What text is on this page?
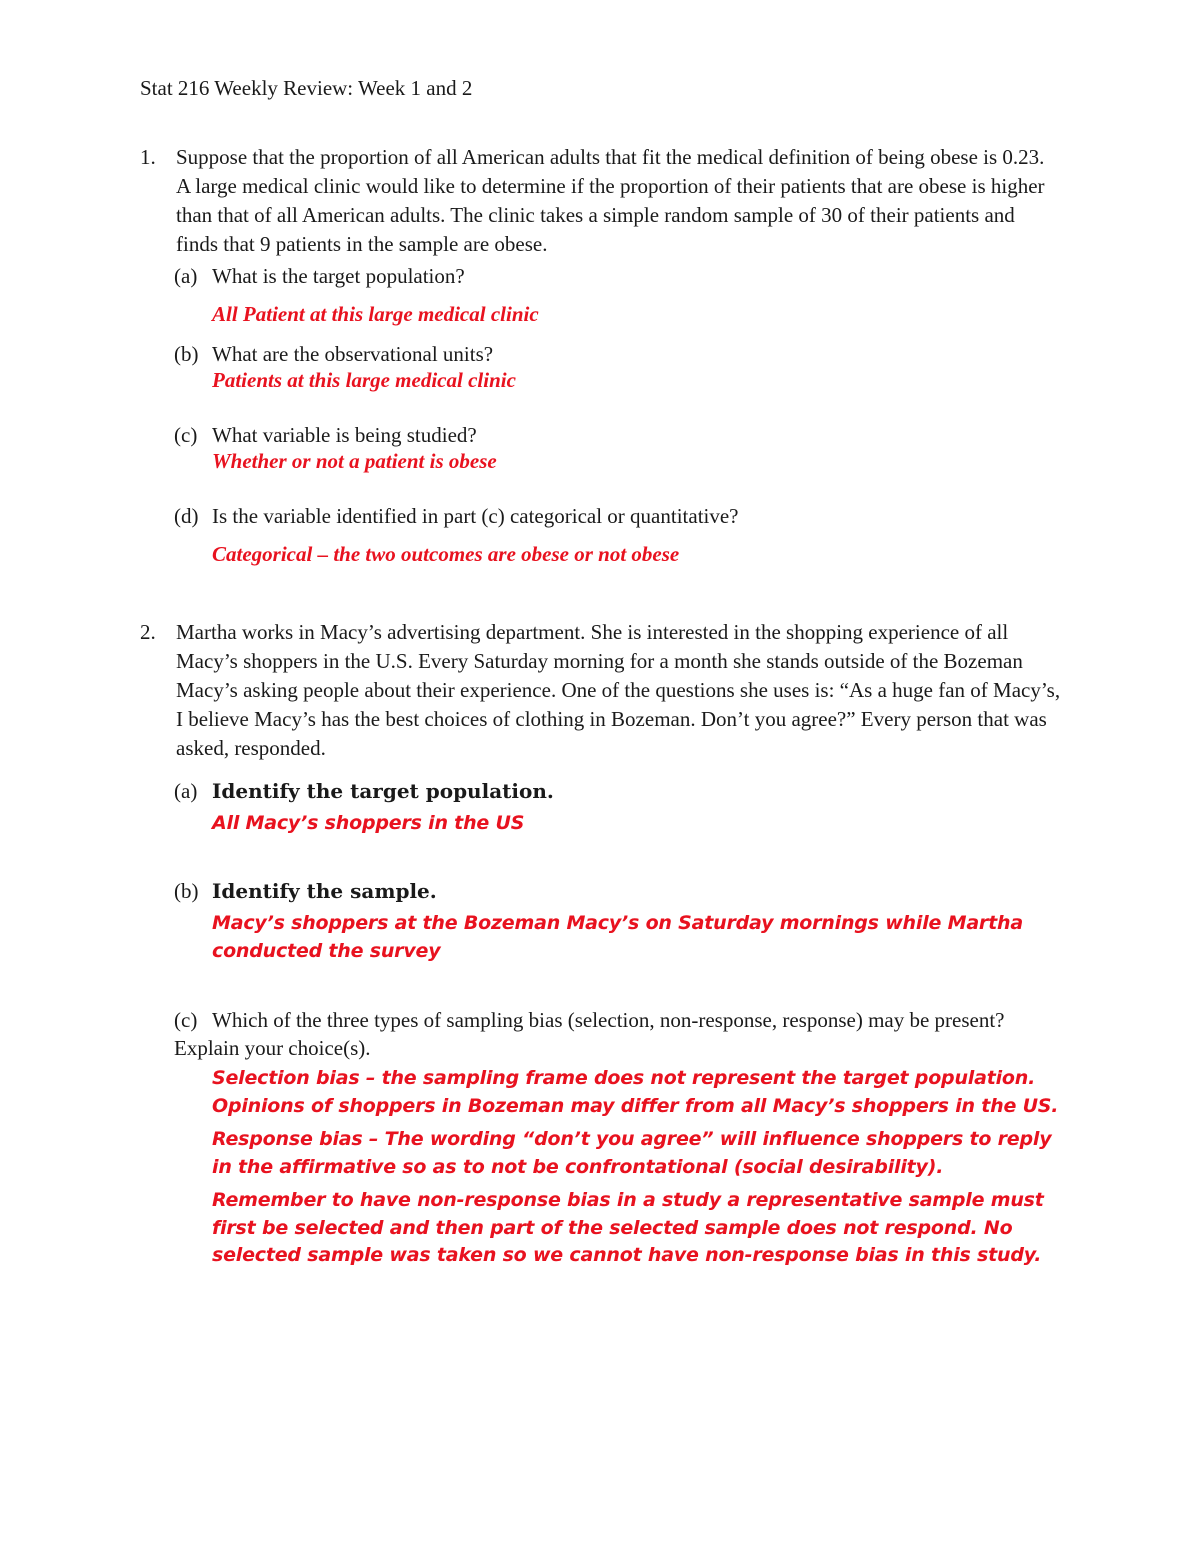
Stat 216 Weekly Review: Week 1 and 2
1. Suppose that the proportion of all American adults that fit the medical definition of being obese is 0.23. A large medical clinic would like to determine if the proportion of their patients that are obese is higher than that of all American adults. The clinic takes a simple random sample of 30 of their patients and finds that 9 patients in the sample are obese.
(a) What is the target population?
All Patient at this large medical clinic
(b) What are the observational units?
Patients at this large medical clinic
(c) What variable is being studied?
Whether or not a patient is obese
(d) Is the variable identified in part (c) categorical or quantitative?
Categorical – the two outcomes are obese or not obese
2. Martha works in Macy’s advertising department. She is interested in the shopping experience of all Macy’s shoppers in the U.S. Every Saturday morning for a month she stands outside of the Bozeman Macy’s asking people about their experience. One of the questions she uses is: “As a huge fan of Macy’s, I believe Macy’s has the best choices of clothing in Bozeman. Don’t you agree?” Every person that was asked, responded.
(a) Identify the target population.
All Macy’s shoppers in the US
(b) Identify the sample.
Macy’s shoppers at the Bozeman Macy’s on Saturday mornings while Martha conducted the survey
(c) Which of the three types of sampling bias (selection, non-response, response) may be present? Explain your choice(s).
Selection bias – the sampling frame does not represent the target population. Opinions of shoppers in Bozeman may differ from all Macy’s shoppers in the US.
Response bias – The wording “don’t you agree” will influence shoppers to reply in the affirmative so as to not be confrontational (social desirability).
Remember to have non-response bias in a study a representative sample must first be selected and then part of the selected sample does not respond. No selected sample was taken so we cannot have non-response bias in this study.
